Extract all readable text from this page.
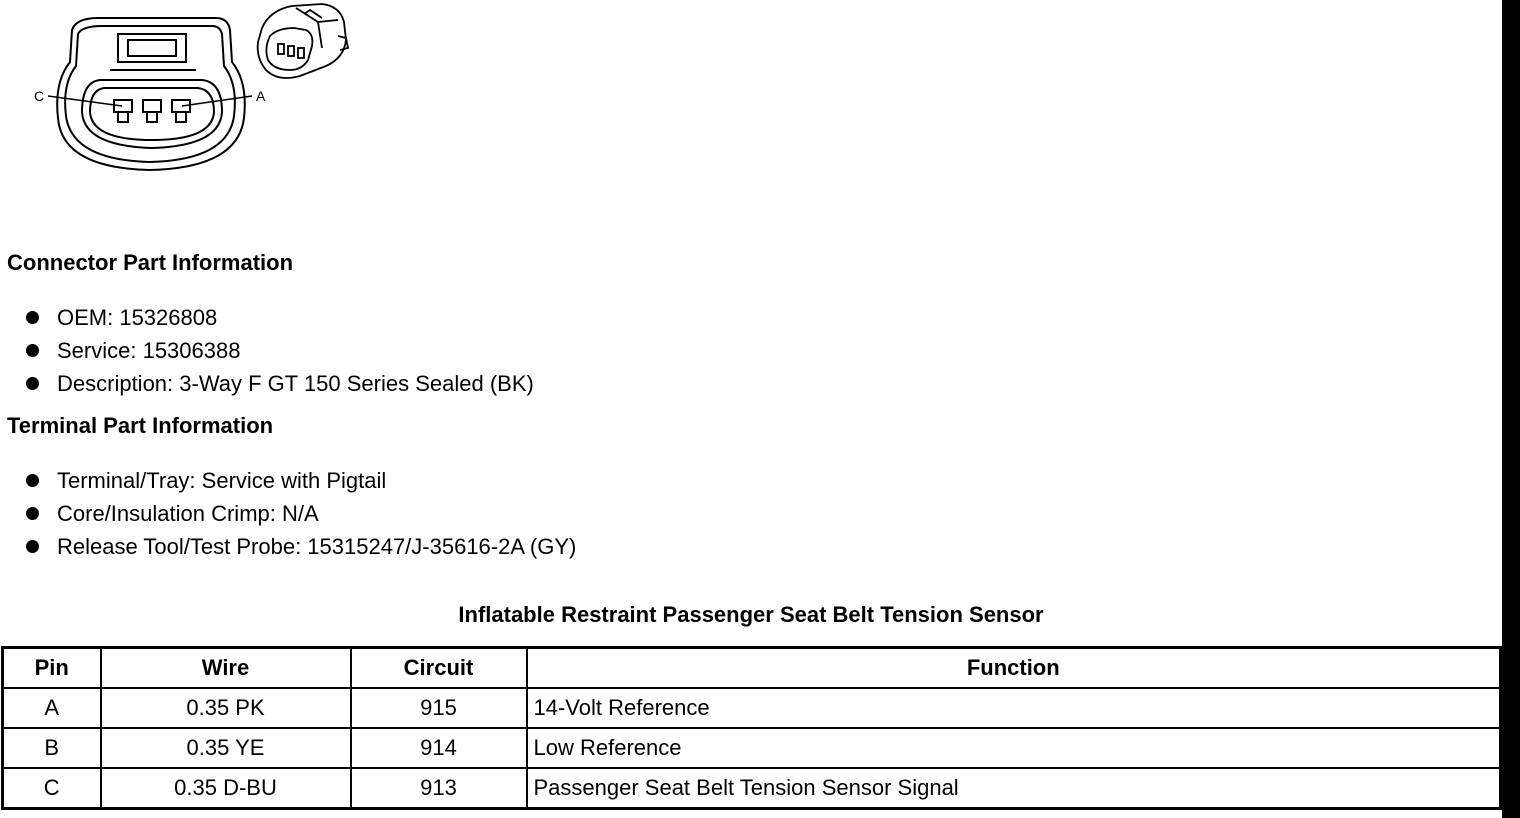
C	A
Connector Part Information
OEM: 15326808
Service: 15306388
Description: 3-Way F GT 150 Series Sealed (BK)
Terminal Part Information
Terminal/Tray: Service with Pigtail
Core/Insulation Crimp: N/A
Release Tool/Test Probe: 15315247/J-35616-2A (GY)
Inflatable Restraint Passenger Seat Belt Tension Sensor
Pin	Wire	Circuit	Function
A	0.35 PK	915	14-Volt Reference
B	0.35 YE	914	Low Reference
C	0.35 D-BU	913	Passenger Seat Belt Tension Sensor Signal
